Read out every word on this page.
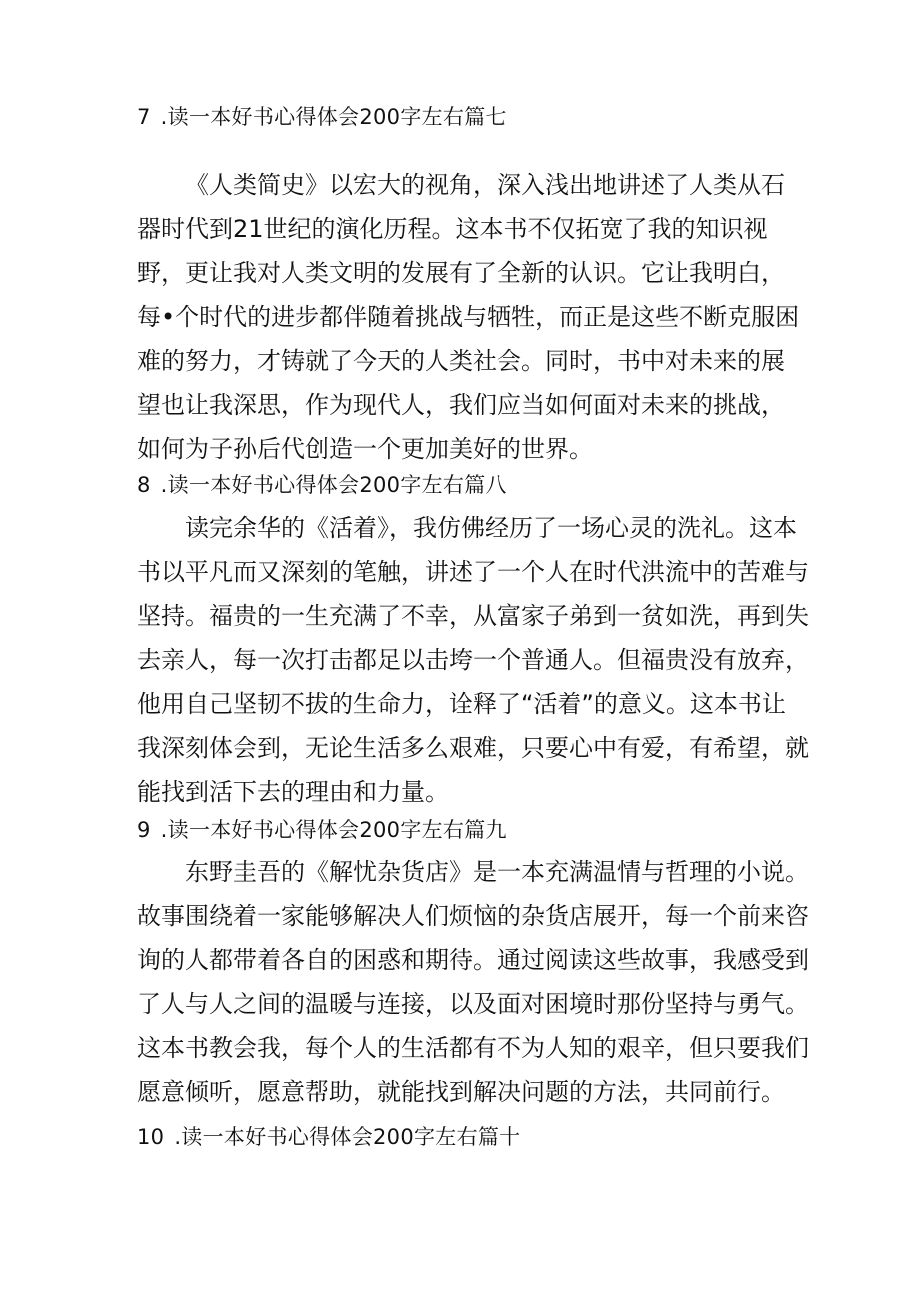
7 .读一本好书心得体会200字左右篇七
《人类简史》以宏大的视角，深入浅出地讲述了人类从石
器时代到21世纪的演化历程。这本书不仅拓宽了我的知识视
野，更让我对人类文明的发展有了全新的认识。它让我明白，
每•个时代的进步都伴随着挑战与牺牲，而正是这些不断克服困
难的努力，才铸就了今天的人类社会。同时，书中对未来的展
望也让我深思，作为现代人，我们应当如何面对未来的挑战，
如何为子孙后代创造一个更加美好的世界。
8 .读一本好书心得体会200字左右篇八
读完余华的《活着》，我仿佛经历了一场心灵的洗礼。这本
书以平凡而又深刻的笔触，讲述了一个人在时代洪流中的苦难与
坚持。福贵的一生充满了不幸，从富家子弟到一贫如洗，再到失
去亲人，每一次打击都足以击垮一个普通人。但福贵没有放弃，
他用自己坚韧不拔的生命力，诠释了“活着”的意义。这本书让
我深刻体会到，无论生活多么艰难，只要心中有爱，有希望，就
能找到活下去的理由和力量。
9 .读一本好书心得体会200字左右篇九
东野圭吾的《解忧杂货店》是一本充满温情与哲理的小说。
故事围绕着一家能够解决人们烦恼的杂货店展开，每一个前来咨
询的人都带着各自的困惑和期待。通过阅读这些故事，我感受到
了人与人之间的温暖与连接，以及面对困境时那份坚持与勇气。
这本书教会我，每个人的生活都有不为人知的艰辛，但只要我们
愿意倾听，愿意帮助，就能找到解决问题的方法，共同前行。
10 .读一本好书心得体会200字左右篇十
